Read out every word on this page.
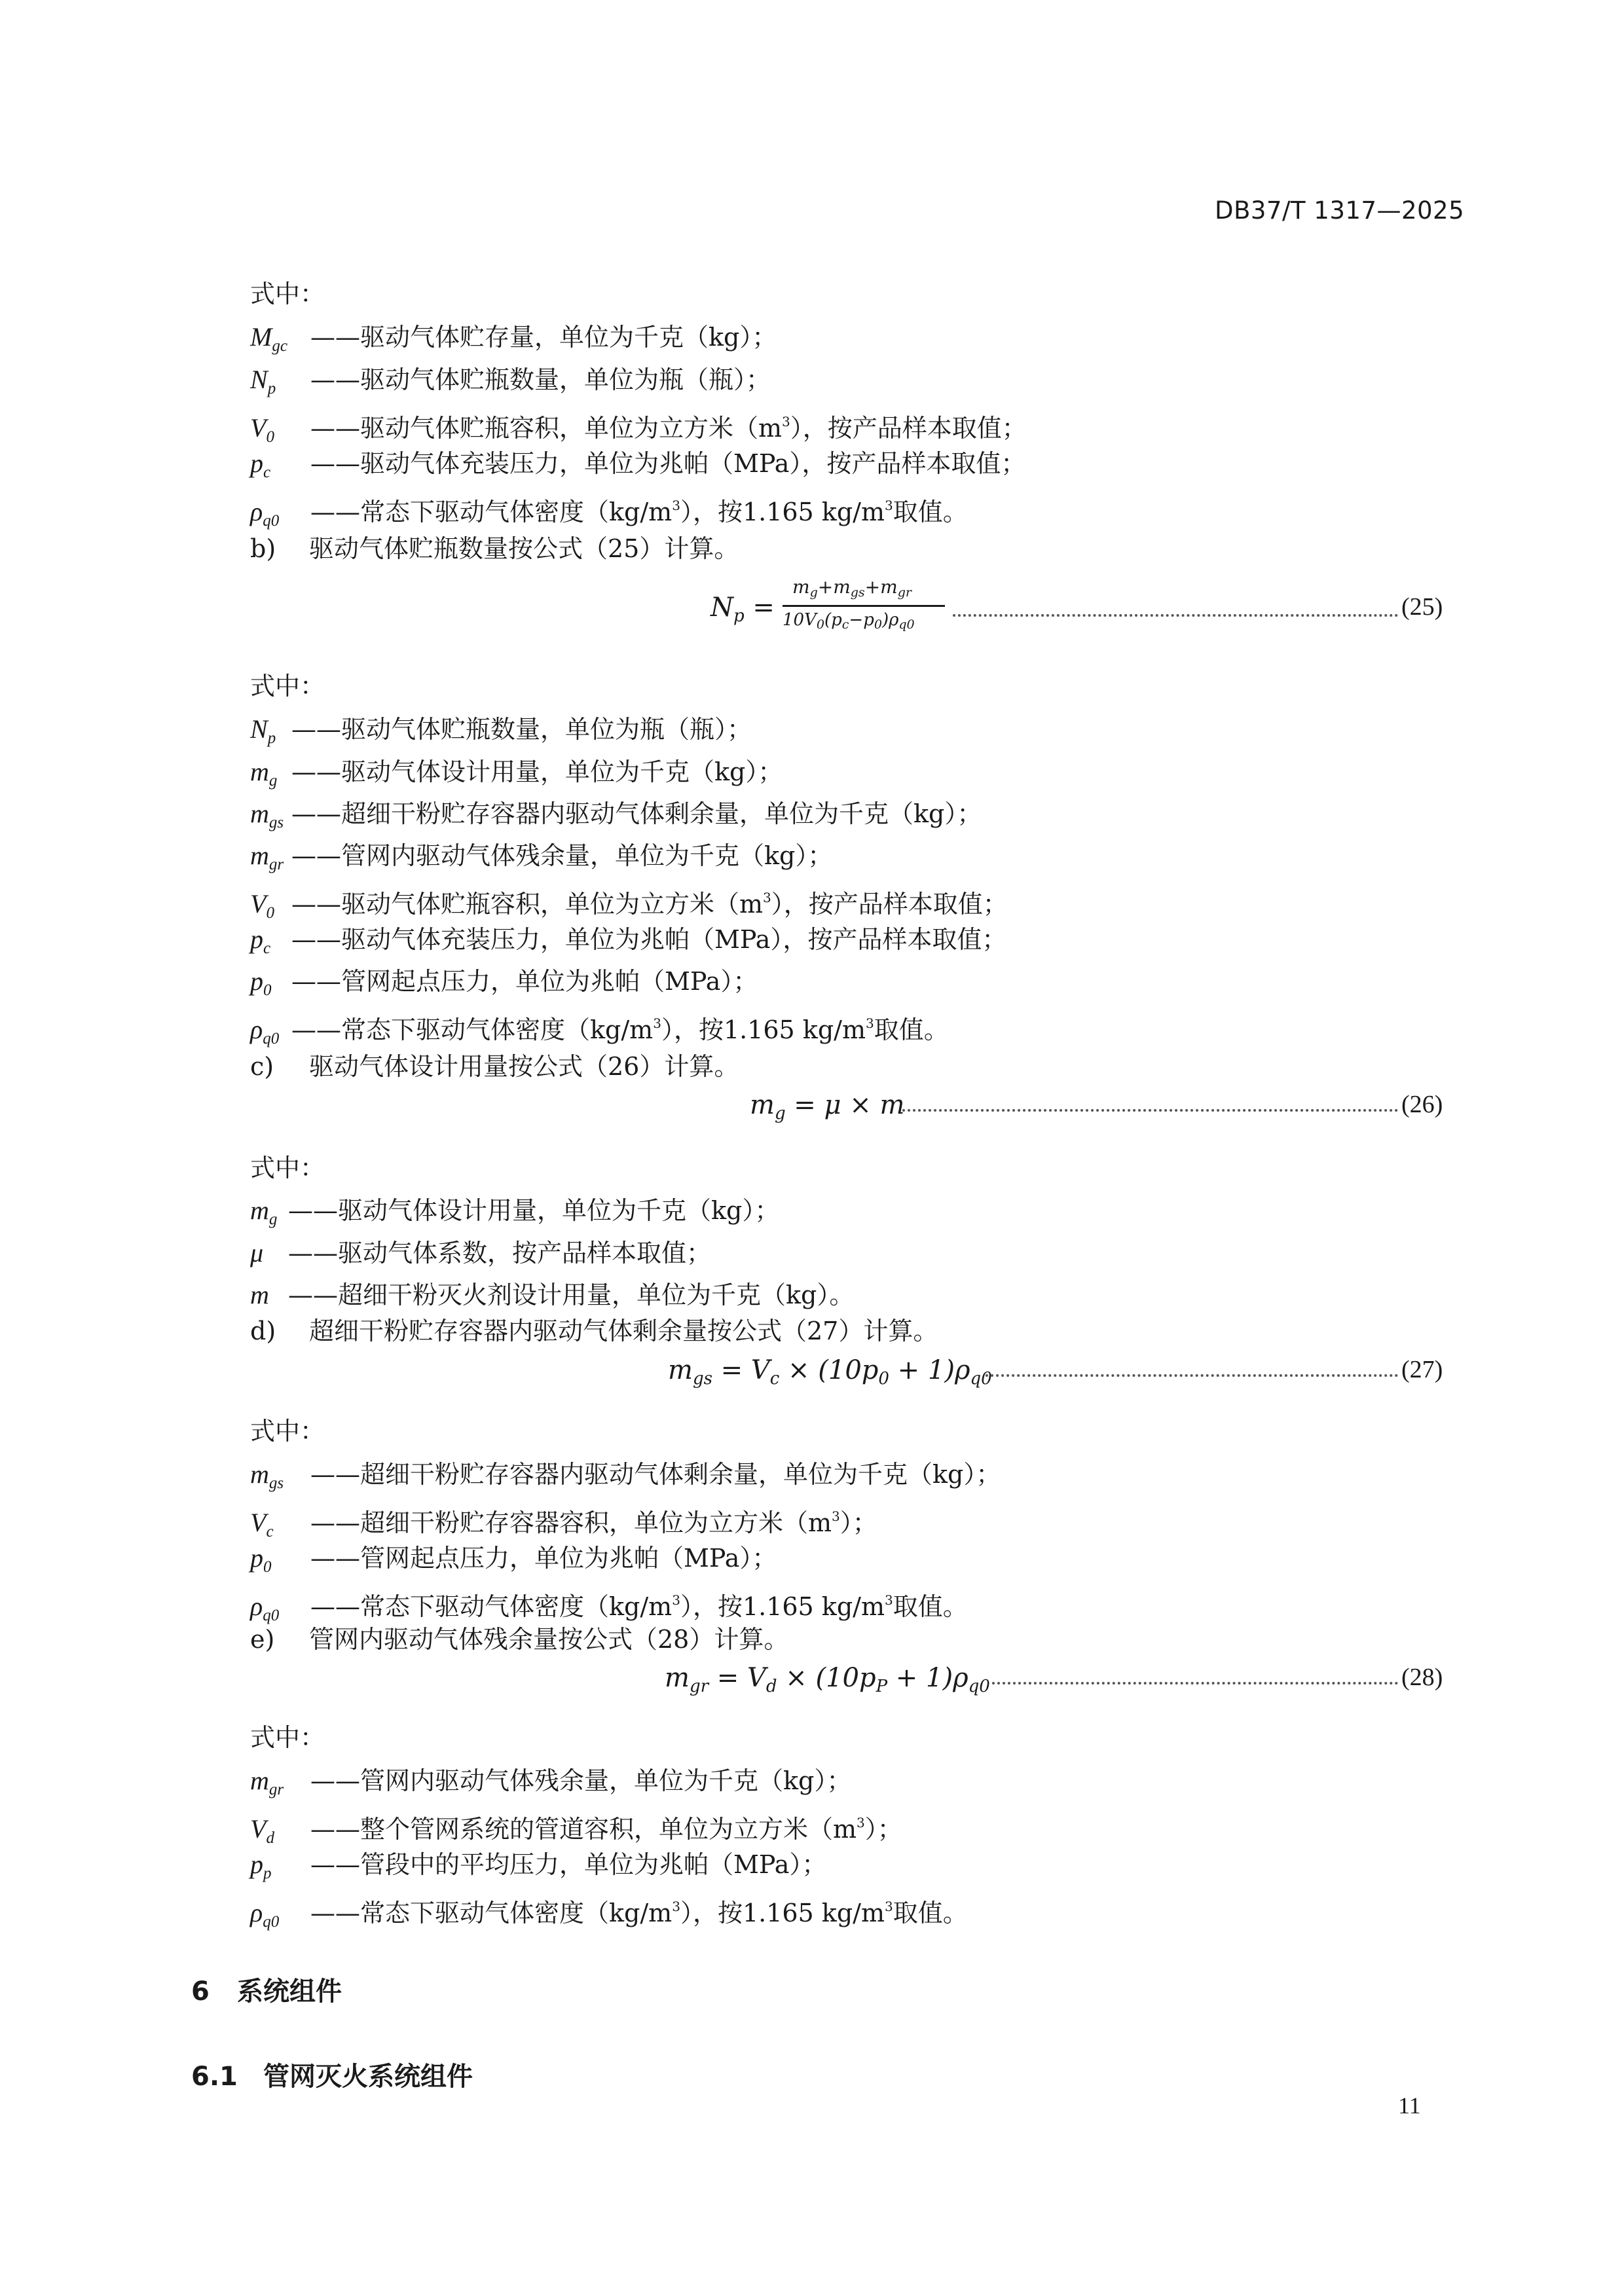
DB37/T 1317—2025
式中：
$M_{gc}$ ——驱动气体贮存量，单位为千克（kg）；
$N_p$ ——驱动气体贮瓶数量，单位为瓶（瓶）；
$V_0$ ——驱动气体贮瓶容积，单位为立方米$(m^3)$，按产品样本取值；
$p_c$ ——驱动气体充装压力，单位为兆帕（MPa），按产品样本取值；
$\rho_{q0}$ ——常态下驱动气体密度$(kg/m^3)$，按1.165 $kg/m^3$取值。
b) 驱动气体贮瓶数量按公式（25）计算。
$N_p$ =
$m_g+m_{gs}+m_{gr}$
$10V_0(p_c-p_0)\rho_{q0}$
(25)
式中：
$N_p$ ——驱动气体贮瓶数量，单位为瓶（瓶）；
$m_g$ ——驱动气体设计用量，单位为千克（kg）；
$m_{gs}$ ——超细干粉贮存容器内驱动气体剩余量，单位为千克（kg）；
$m_{gr}$ ——管网内驱动气体残余量，单位为千克（kg）；
$V_0$ ——驱动气体贮瓶容积，单位为立方米$(m^3)$，按产品样本取值；
$p_c$ ——驱动气体充装压力，单位为兆帕（MPa），按产品样本取值；
$p_0$ ——管网起点压力，单位为兆帕（MPa）；
$\rho_{q0}$ ——常态下驱动气体密度$(kg/m^3)$，按1.165 $kg/m^3$取值。
c) 驱动气体设计用量按公式（26）计算。
$m_g = \mu \times m$	(26)
式中：
$m_g$ ——驱动气体设计用量，单位为千克（kg）；
μ ——驱动气体系数，按产品样本取值；
m ——超细干粉灭火剂设计用量，单位为千克（kg）。
d) 超细干粉贮存容器内驱动气体剩余量按公式（27）计算。
$m_{gs} = V_c \times (10p_0 + 1)\rho_{q0}$	(27)
式中：
$m_{gs}$ ——超细干粉贮存容器内驱动气体剩余量，单位为千克（kg）；
$V_c$ ——超细干粉贮存容器容积，单位为立方米$(m^3)$；
$p_0$ ——管网起点压力，单位为兆帕（MPa）；
$\rho_{q0}$ ——常态下驱动气体密度$(kg/m^3)$，按1.165 $kg/m^3$取值。
e) 管网内驱动气体残余量按公式（28）计算。
$m_{gr} = V_d \times (10p_P + 1)\rho_{q0}$	(28)
式中：
$m_{gr}$ ——管网内驱动气体残余量，单位为千克（kg）；
$V_d$ ——整个管网系统的管道容积，单位为立方米$(m^3)$；
$p_p$ ——管段中的平均压力，单位为兆帕（MPa）；
$\rho_{q0}$ ——常态下驱动气体密度$(kg/m^3)$，按1.165 $kg/m^3$取值。
6 系统组件
6.1 管网灭火系统组件
11
